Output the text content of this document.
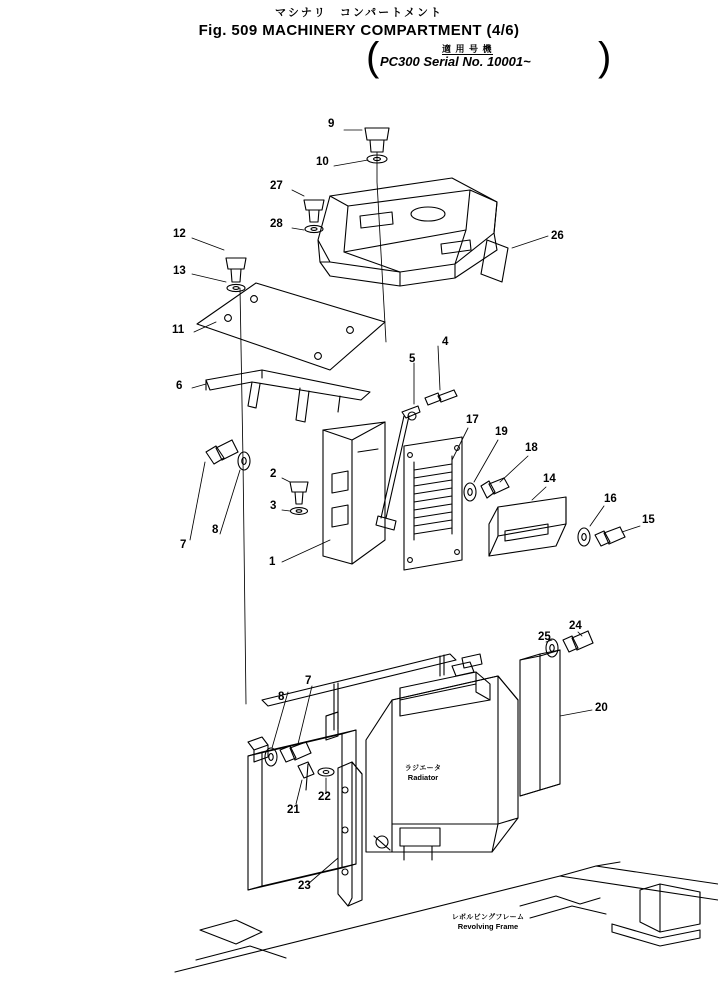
マシナリ　コンパートメント
Fig. 509 MACHINERY COMPARTMENT (4/6)
(	)
適 用 号 機
PC300 Serial No. 10001~
9
10
27
28
26
12
13
11
6
4
5
17
19
18
14
16
15
2
3
7
8
1
25
24
20
8
7
21
22
23
ラジエータ
Radiator
レボルビングフレーム
Revolving Frame
